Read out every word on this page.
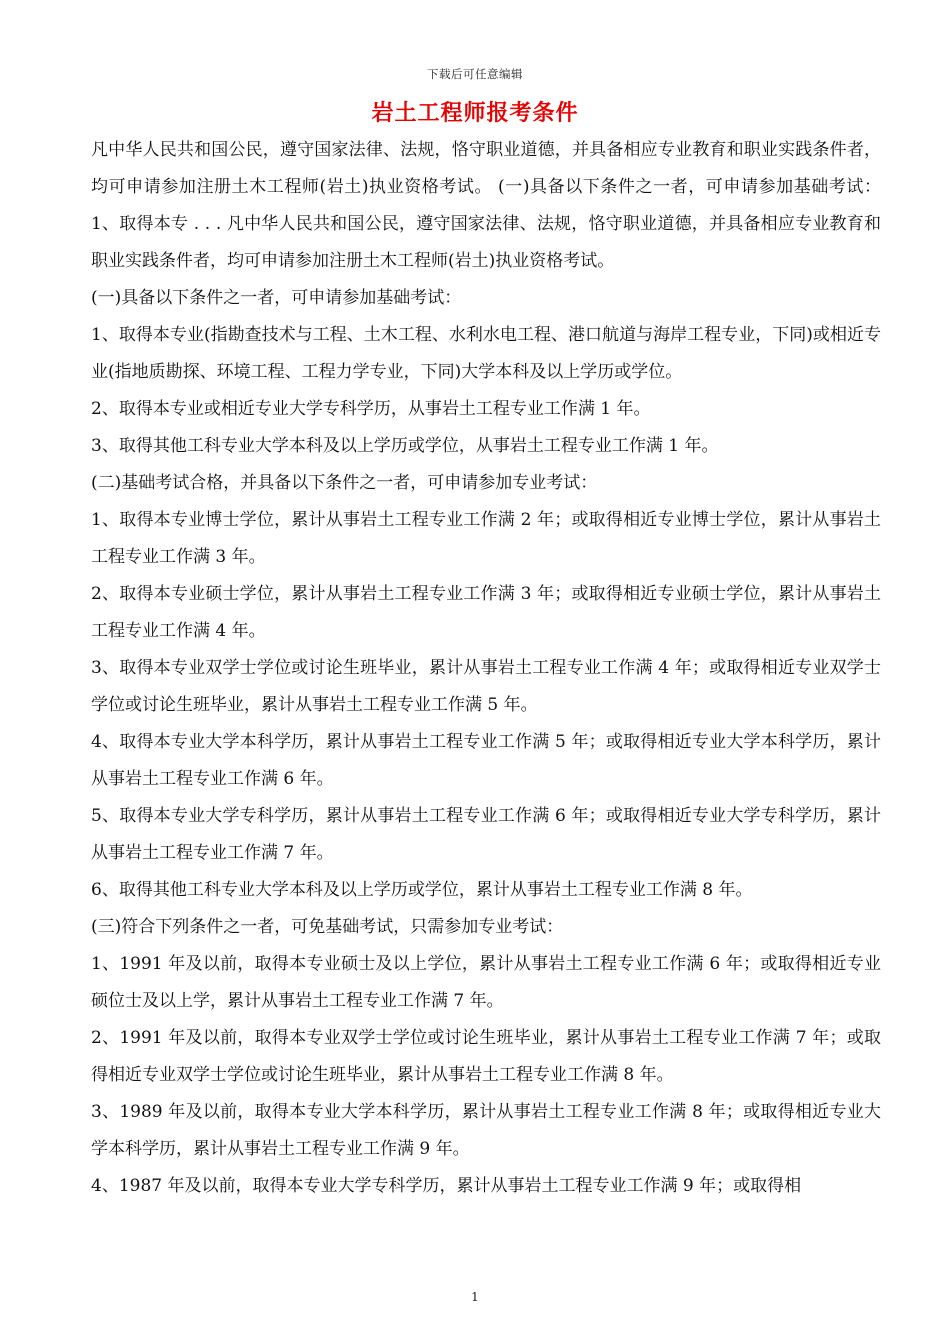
下载后可任意编辑
岩土工程师报考条件

凡中华人民共和国公民，遵守国家法律、法规，恪守职业道德，并具备相应专业教育和职业实践条件者，均可申请参加注册土木工程师(岩土)执业资格考试。 (一)具备以下条件之一者，可申请参加基础考试： 1、取得本专 . . . 凡中华人民共和国公民，遵守国家法律、法规，恪守职业道德，并具备相应专业教育和职业实践条件者，均可申请参加注册土木工程师(岩土)执业资格考试。

(一)具备以下条件之一者，可申请参加基础考试：

1、取得本专业(指勘查技术与工程、土木工程、水利水电工程、港口航道与海岸工程专业，下同)或相近专业(指地质勘探、环境工程、工程力学专业，下同)大学本科及以上学历或学位。

2、取得本专业或相近专业大学专科学历，从事岩土工程专业工作满 1 年。

3、取得其他工科专业大学本科及以上学历或学位，从事岩土工程专业工作满 1 年。

(二)基础考试合格，并具备以下条件之一者，可申请参加专业考试：

1、取得本专业博士学位，累计从事岩土工程专业工作满 2 年；或取得相近专业博士学位，累计从事岩土工程专业工作满 3 年。

2、取得本专业硕士学位，累计从事岩土工程专业工作满 3 年；或取得相近专业硕士学位，累计从事岩土工程专业工作满 4 年。

3、取得本专业双学士学位或讨论生班毕业，累计从事岩土工程专业工作满 4 年；或取得相近专业双学士学位或讨论生班毕业，累计从事岩土工程专业工作满 5 年。

4、取得本专业大学本科学历，累计从事岩土工程专业工作满 5 年；或取得相近专业大学本科学历，累计从事岩土工程专业工作满 6 年。

5、取得本专业大学专科学历，累计从事岩土工程专业工作满 6 年；或取得相近专业大学专科学历，累计从事岩土工程专业工作满 7 年。

6、取得其他工科专业大学本科及以上学历或学位，累计从事岩土工程专业工作满 8 年。

(三)符合下列条件之一者，可免基础考试，只需参加专业考试：

1、1991 年及以前，取得本专业硕士及以上学位，累计从事岩土工程专业工作满 6 年；或取得相近专业硕位士及以上学，累计从事岩土工程专业工作满 7 年。

2、1991 年及以前，取得本专业双学士学位或讨论生班毕业，累计从事岩土工程专业工作满 7 年；或取得相近专业双学士学位或讨论生班毕业，累计从事岩土工程专业工作满 8 年。

3、1989 年及以前，取得本专业大学本科学历，累计从事岩土工程专业工作满 8 年；或取得相近专业大学本科学历，累计从事岩土工程专业工作满 9 年。

4、1987 年及以前，取得本专业大学专科学历，累计从事岩土工程专业工作满 9 年；或取得相

1
